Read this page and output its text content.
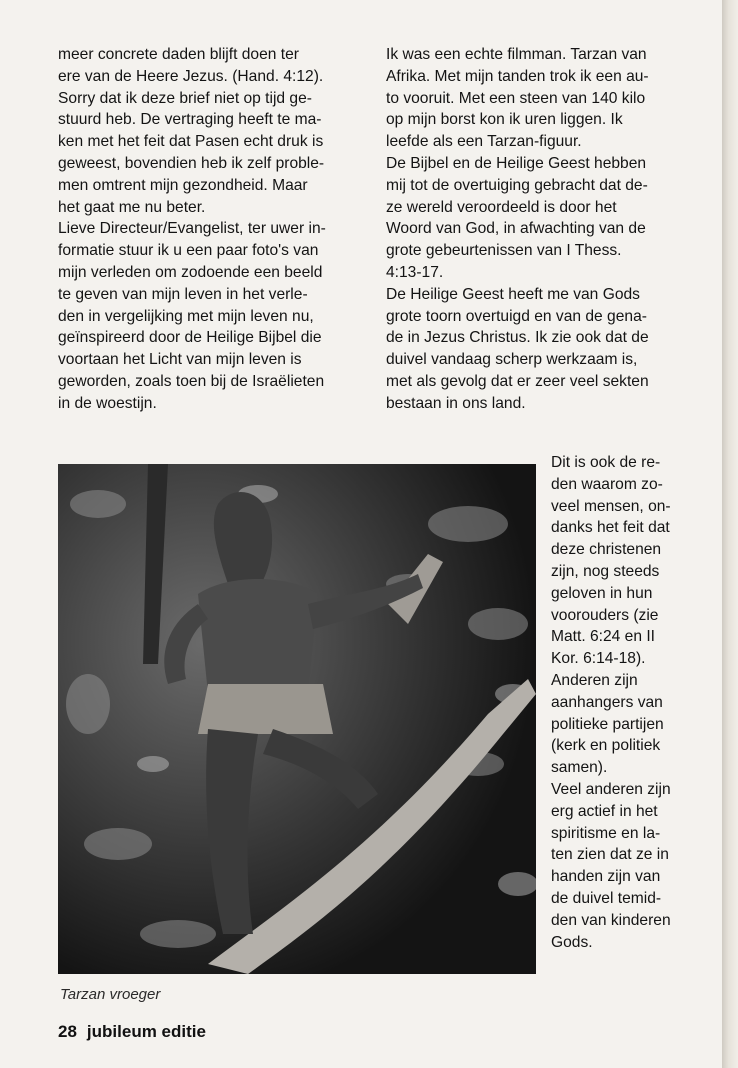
meer concrete daden blijft doen ter

ere van de Heere Jezus. (Hand. 4:12).

Sorry dat ik deze brief niet op tijd ge-

stuurd heb. De vertraging heeft te ma-

ken met het feit dat Pasen echt druk is

geweest, bovendien heb ik zelf proble-

men omtrent mijn gezondheid. Maar

het gaat me nu beter.

Lieve Directeur/Evangelist, ter uwer in-

formatie stuur ik u een paar foto's van

mijn verleden om zodoende een beeld

te geven van mijn leven in het verle-

den in vergelijking met mijn leven nu,

geïnspireerd door de Heilige Bijbel die

voortaan het Licht van mijn leven is

geworden, zoals toen bij de Israëlieten

in de woestijn.

Ik was een echte filmman. Tarzan van

Afrika. Met mijn tanden trok ik een au-

to vooruit. Met een steen van 140 kilo

op mijn borst kon ik uren liggen. Ik

leefde als een Tarzan-figuur.

De Bijbel en de Heilige Geest hebben

mij tot de overtuiging gebracht dat de-

ze wereld veroordeeld is door het

Woord van God, in afwachting van de

grote gebeurtenissen van I Thess.

4:13-17.

De Heilige Geest heeft me van Gods

grote toorn overtuigd en van de gena-

de in Jezus Christus. Ik zie ook dat de

duivel vandaag scherp werkzaam is,

met als gevolg dat er zeer veel sekten

bestaan in ons land.

Dit is ook de re-

den waarom zo-

veel mensen, on-

danks het feit dat

deze christenen

zijn, nog steeds

geloven in hun

voorouders (zie

Matt. 6:24 en II

Kor. 6:14-18).

Anderen zijn

aanhangers van

politieke partijen

(kerk en politiek

samen).

Veel anderen zijn

erg actief in het

spiritisme en la-

ten zien dat ze in

handen zijn van

de duivel temid-

den van kinderen

Gods.

Tarzan vroeger
28 jubileum editie
